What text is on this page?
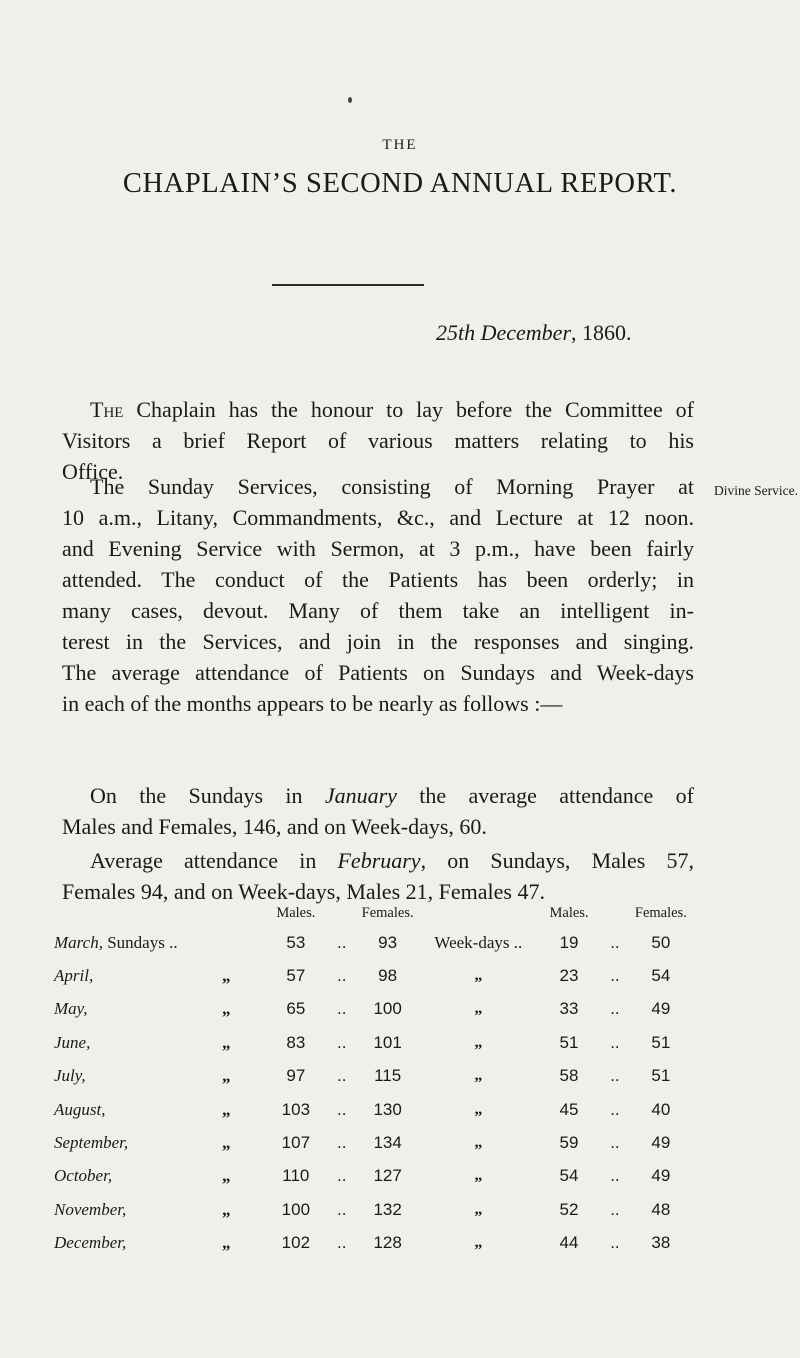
THE
CHAPLAIN’S SECOND ANNUAL REPORT.
25th December, 1860.

The Chaplain has the honour to lay before the Committee of
Visitors a brief Report of various matters relating to his
Office.

Divine Service.

The Sunday Services, consisting of Morning Prayer at
10 a.m., Litany, Commandments, &c., and Lecture at 12 noon.
and Evening Service with Sermon, at 3 p.m., have been fairly
attended. The conduct of the Patients has been orderly; in
many cases, devout. Many of them take an intelligent in-
terest in the Services, and join in the responses and singing.
The average attendance of Patients on Sundays and Week-days
in each of the months appears to be nearly as follows :—

On the Sundays in January the average attendance of
Males and Females, 146, and on Week-days, 60.

Average attendance in February, on Sundays, Males 57,
Females 94, and on Week-days, Males 21, Females 47.

		Males.		Females.		Males.		Females.
March, Sundays ..		53	..	93	Week-days ..	19	..	50
April,	„	57	..	98	„	23	..	54
May,	„	65	..	100	„	33	..	49
June,	„	83	..	101	„	51	..	51
July,	„	97	..	115	„	58	..	51
August,	„	103	..	130	„	45	..	40
September,	„	107	..	134	„	59	..	49
October,	„	110	..	127	„	54	..	49
November,	„	100	..	132	„	52	..	48
December,	„	102	..	128	„	44	..	38
